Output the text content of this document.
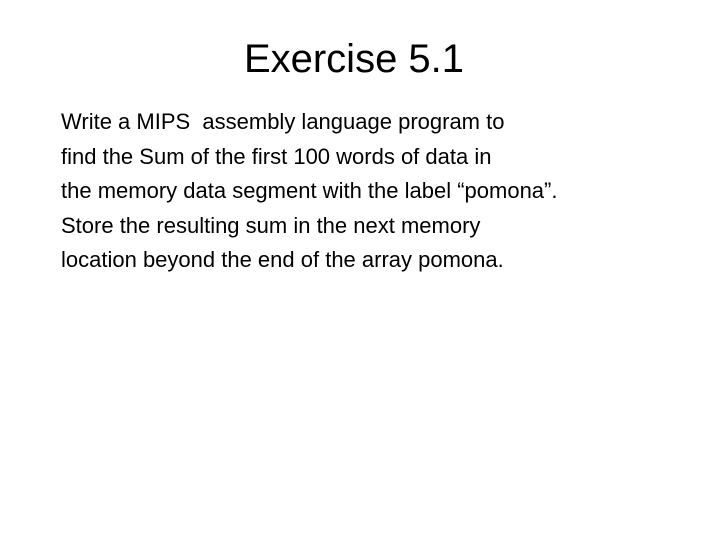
Exercise 5.1

Write a MIPS  assembly language program to
find the Sum of the first 100 words of data in
the memory data segment with the label “pomona”.
Store the resulting sum in the next memory
location beyond the end of the array pomona.
